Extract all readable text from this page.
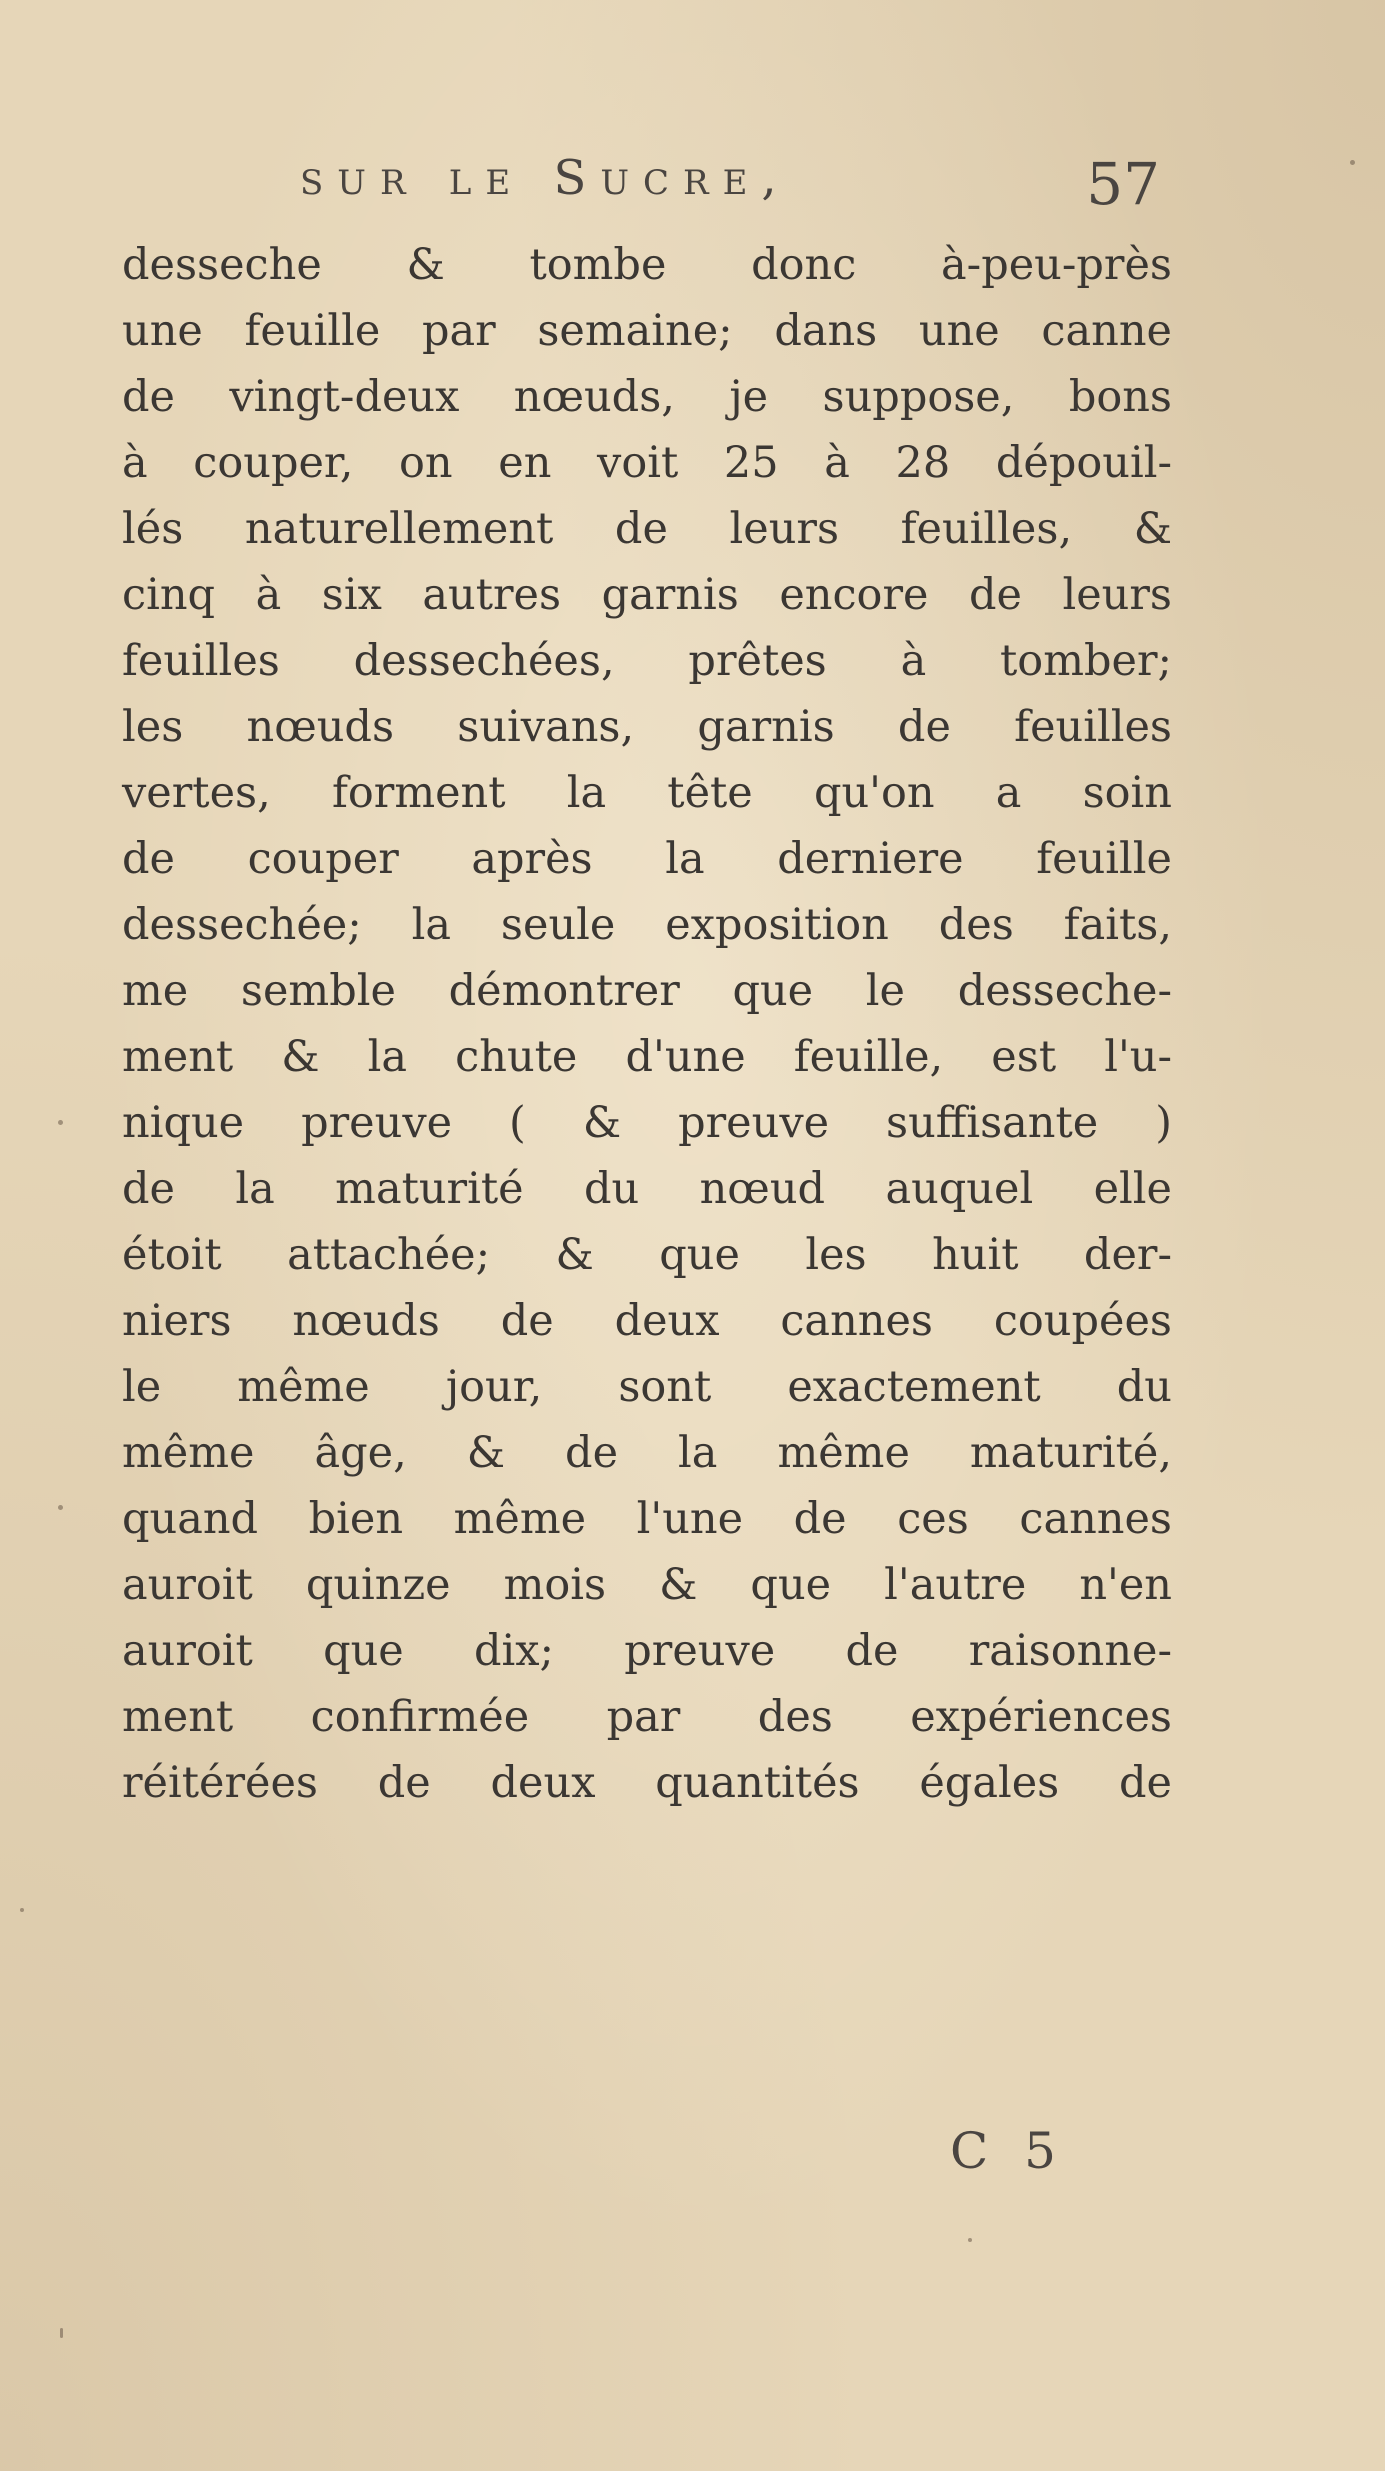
sur le Sucre,	57
desseche & tombe donc à-peu-près
une feuille par semaine; dans une canne
de vingt-deux nœuds, je suppose, bons
à couper, on en voit 25 à 28 dépouil-
lés naturellement de leurs feuilles, &
cinq à six autres garnis encore de leurs
feuilles dessechées, prêtes à tomber;
les nœuds suivans, garnis de feuilles
vertes, forment la tête qu'on a soin
de couper après la derniere feuille
dessechée; la seule exposition des faits,
me semble démontrer que le desseche-
ment & la chute d'une feuille, est l'u-
nique preuve ( & preuve suffisante )
de la maturité du nœud auquel elle
étoit attachée; & que les huit der-
niers nœuds de deux cannes coupées
le même jour, sont exactement du
même âge, & de la même maturité,
quand bien même l'une de ces cannes
auroit quinze mois & que l'autre n'en
auroit que dix; preuve de raisonne-
ment confirmée par des expériences
réitérées de deux quantités égales de
C 5
